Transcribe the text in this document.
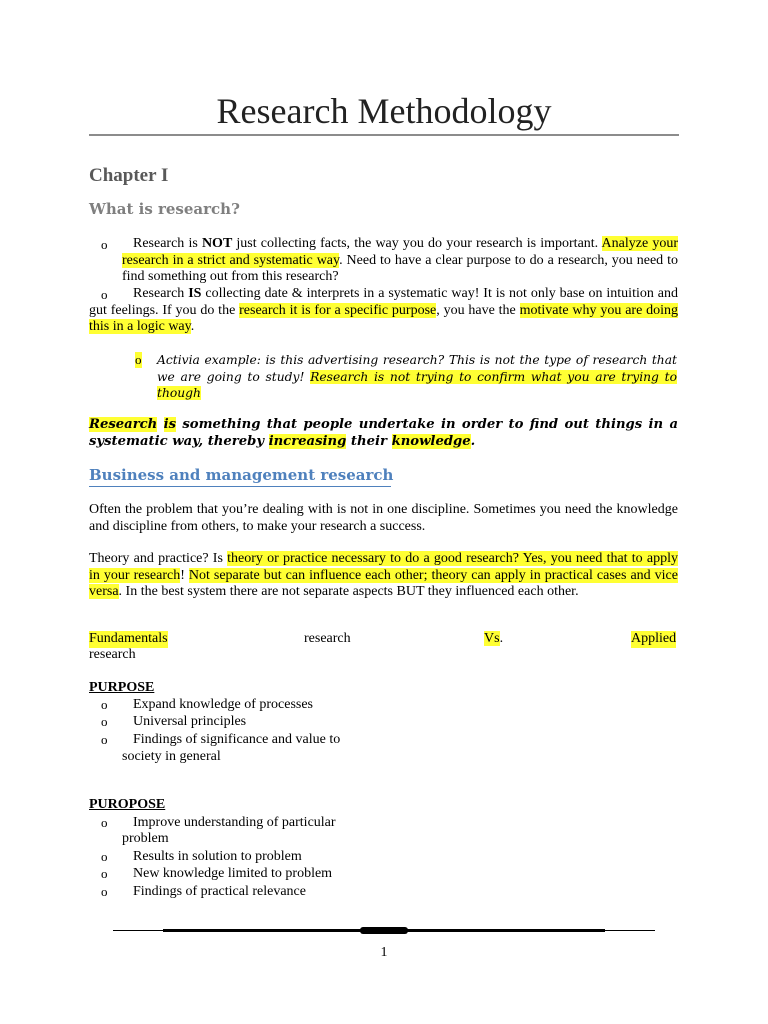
Research Methodology
Chapter I
What is research?
o	Research is NOT just collecting facts, the way you do your research is important. Analyze your research in a strict and systematic way. Need to have a clear purpose to do a research, you need to find something out from this research?
o	Research IS collecting date & interprets in a systematic way! It is not only base on intuition and gut feelings. If you do the research it is for a specific purpose, you have the motivate why you are doing this in a logic way.
o Activia example: is this advertising research? This is not the type of research that we are going to study! Research is not trying to confirm what you are trying to though
Research is something that people undertake in order to find out things in a systematic way, thereby increasing their knowledge.
Business and management research
Often the problem that you’re dealing with is not in one discipline. Sometimes you need the knowledge and discipline from others, to make your research a success.
Theory and practice? Is theory or practice necessary to do a good research? Yes, you need that to apply in your research! Not separate but can influence each other; theory can apply in practical cases and vice versa. In the best system there are not separate aspects BUT they influenced each other.
Fundamentals	research	Vs.	Applied
research
PURPOSE
o Expand knowledge of processes
o Universal principles
o Findings of significance and value to
society in general
PUROPOSE
o Improve understanding of particular
problem
o Results in solution to problem
o New knowledge limited to problem
o Findings of practical relevance
1
